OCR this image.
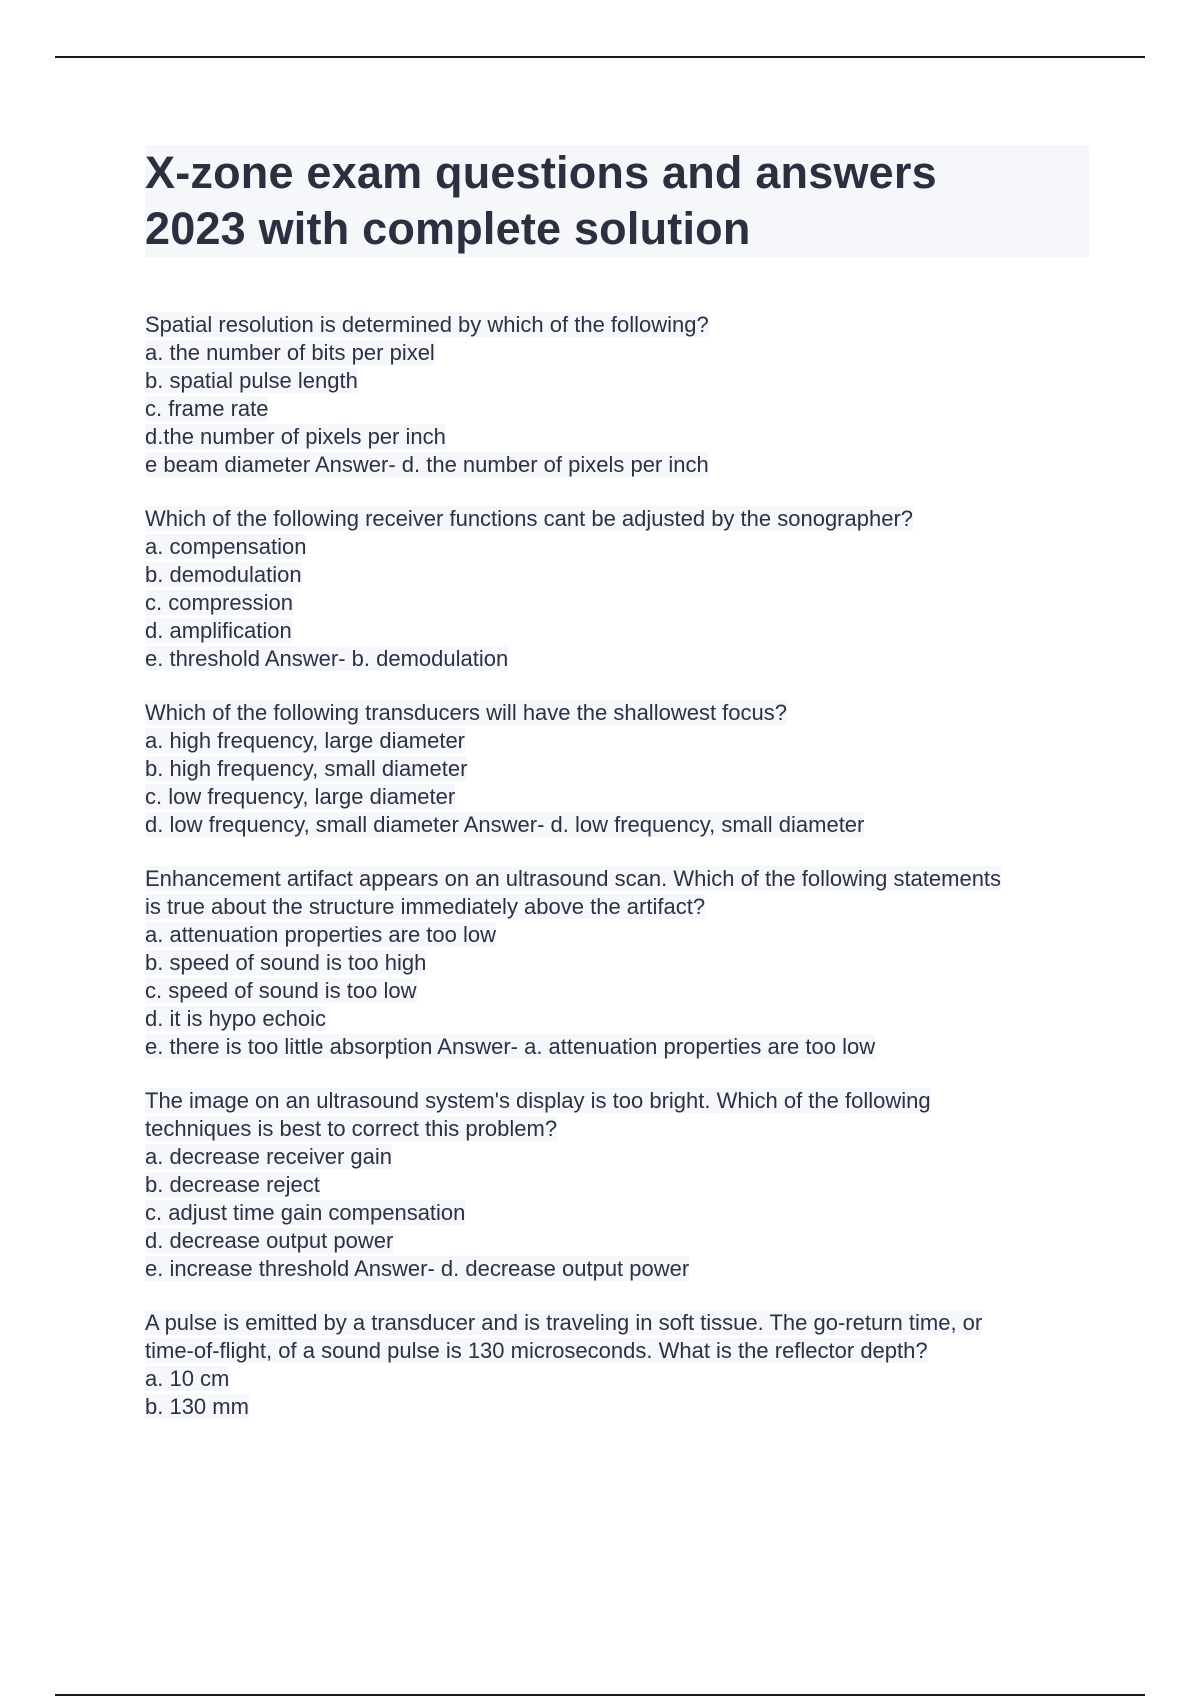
X-zone exam questions and answers
2023 with complete solution
Spatial resolution is determined by which of the following?
a. the number of bits per pixel
b. spatial pulse length
c. frame rate
d.the number of pixels per inch
e beam diameter Answer- d. the number of pixels per inch
Which of the following receiver functions cant be adjusted by the sonographer?
a. compensation
b. demodulation
c. compression
d. amplification
e. threshold Answer- b. demodulation
Which of the following transducers will have the shallowest focus?
a. high frequency, large diameter
b. high frequency, small diameter
c. low frequency, large diameter
d. low frequency, small diameter Answer- d. low frequency, small diameter
Enhancement artifact appears on an ultrasound scan. Which of the following statements
is true about the structure immediately above the artifact?
a. attenuation properties are too low
b. speed of sound is too high
c. speed of sound is too low
d. it is hypo echoic
e. there is too little absorption Answer- a. attenuation properties are too low
The image on an ultrasound system's display is too bright. Which of the following
techniques is best to correct this problem?
a. decrease receiver gain
b. decrease reject
c. adjust time gain compensation
d. decrease output power
e. increase threshold Answer- d. decrease output power
A pulse is emitted by a transducer and is traveling in soft tissue. The go-return time, or
time-of-flight, of a sound pulse is 130 microseconds. What is the reflector depth?
a. 10 cm
b. 130 mm
